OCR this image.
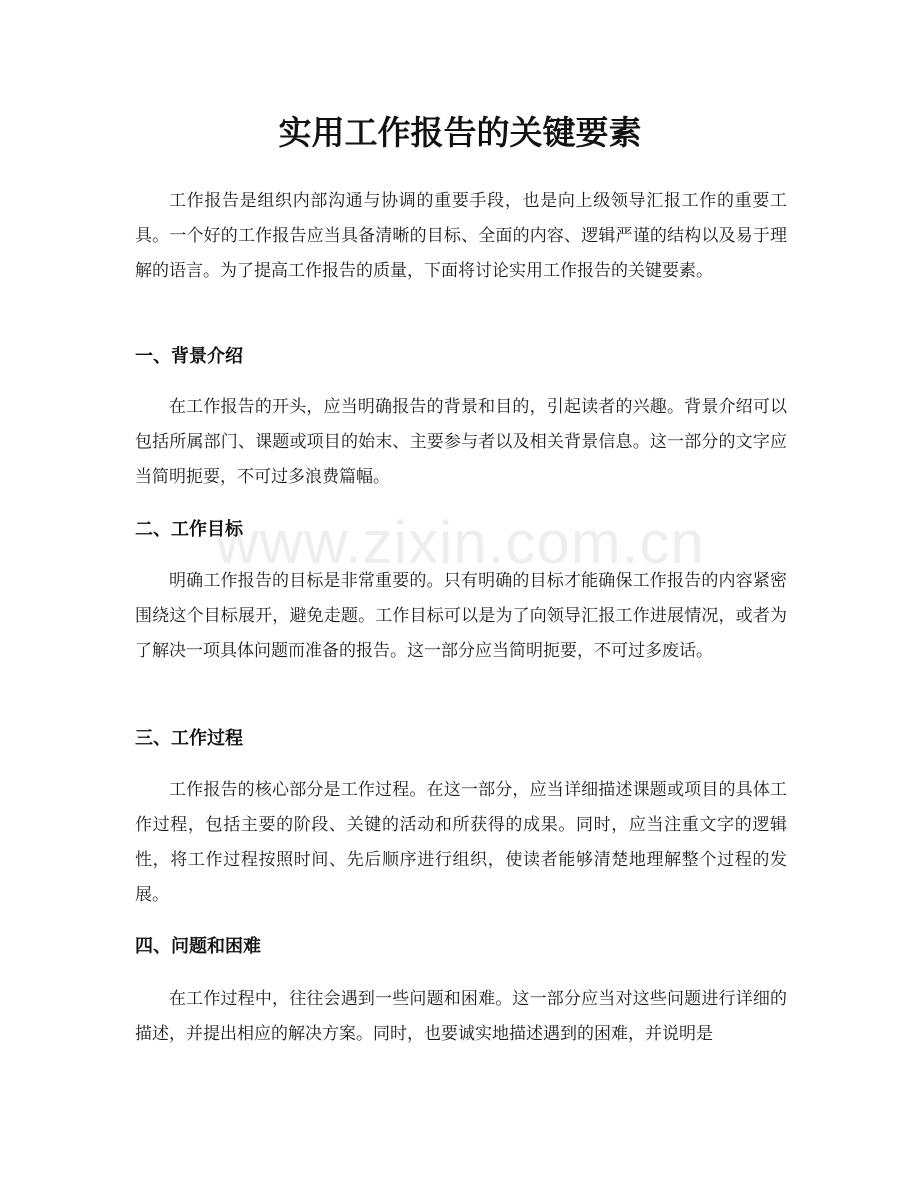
www.zixin.com.cn
实用工作报告的关键要素

工作报告是组织内部沟通与协调的重要手段，也是向上级领导汇报工作的重要工具。一个好的工作报告应当具备清晰的目标、全面的内容、逻辑严谨的结构以及易于理解的语言。为了提高工作报告的质量，下面将讨论实用工作报告的关键要素。

一、背景介绍

在工作报告的开头，应当明确报告的背景和目的，引起读者的兴趣。背景介绍可以包括所属部门、课题或项目的始末、主要参与者以及相关背景信息。这一部分的文字应当简明扼要，不可过多浪费篇幅。

二、工作目标

明确工作报告的目标是非常重要的。只有明确的目标才能确保工作报告的内容紧密围绕这个目标展开，避免走题。工作目标可以是为了向领导汇报工作进展情况，或者为了解决一项具体问题而准备的报告。这一部分应当简明扼要，不可过多废话。

三、工作过程

工作报告的核心部分是工作过程。在这一部分，应当详细描述课题或项目的具体工作过程，包括主要的阶段、关键的活动和所获得的成果。同时，应当注重文字的逻辑性，将工作过程按照时间、先后顺序进行组织，使读者能够清楚地理解整个过程的发展。

四、问题和困难

在工作过程中，往往会遇到一些问题和困难。这一部分应当对这些问题进行详细的描述，并提出相应的解决方案。同时，也要诚实地描述遇到的困难，并说明是
